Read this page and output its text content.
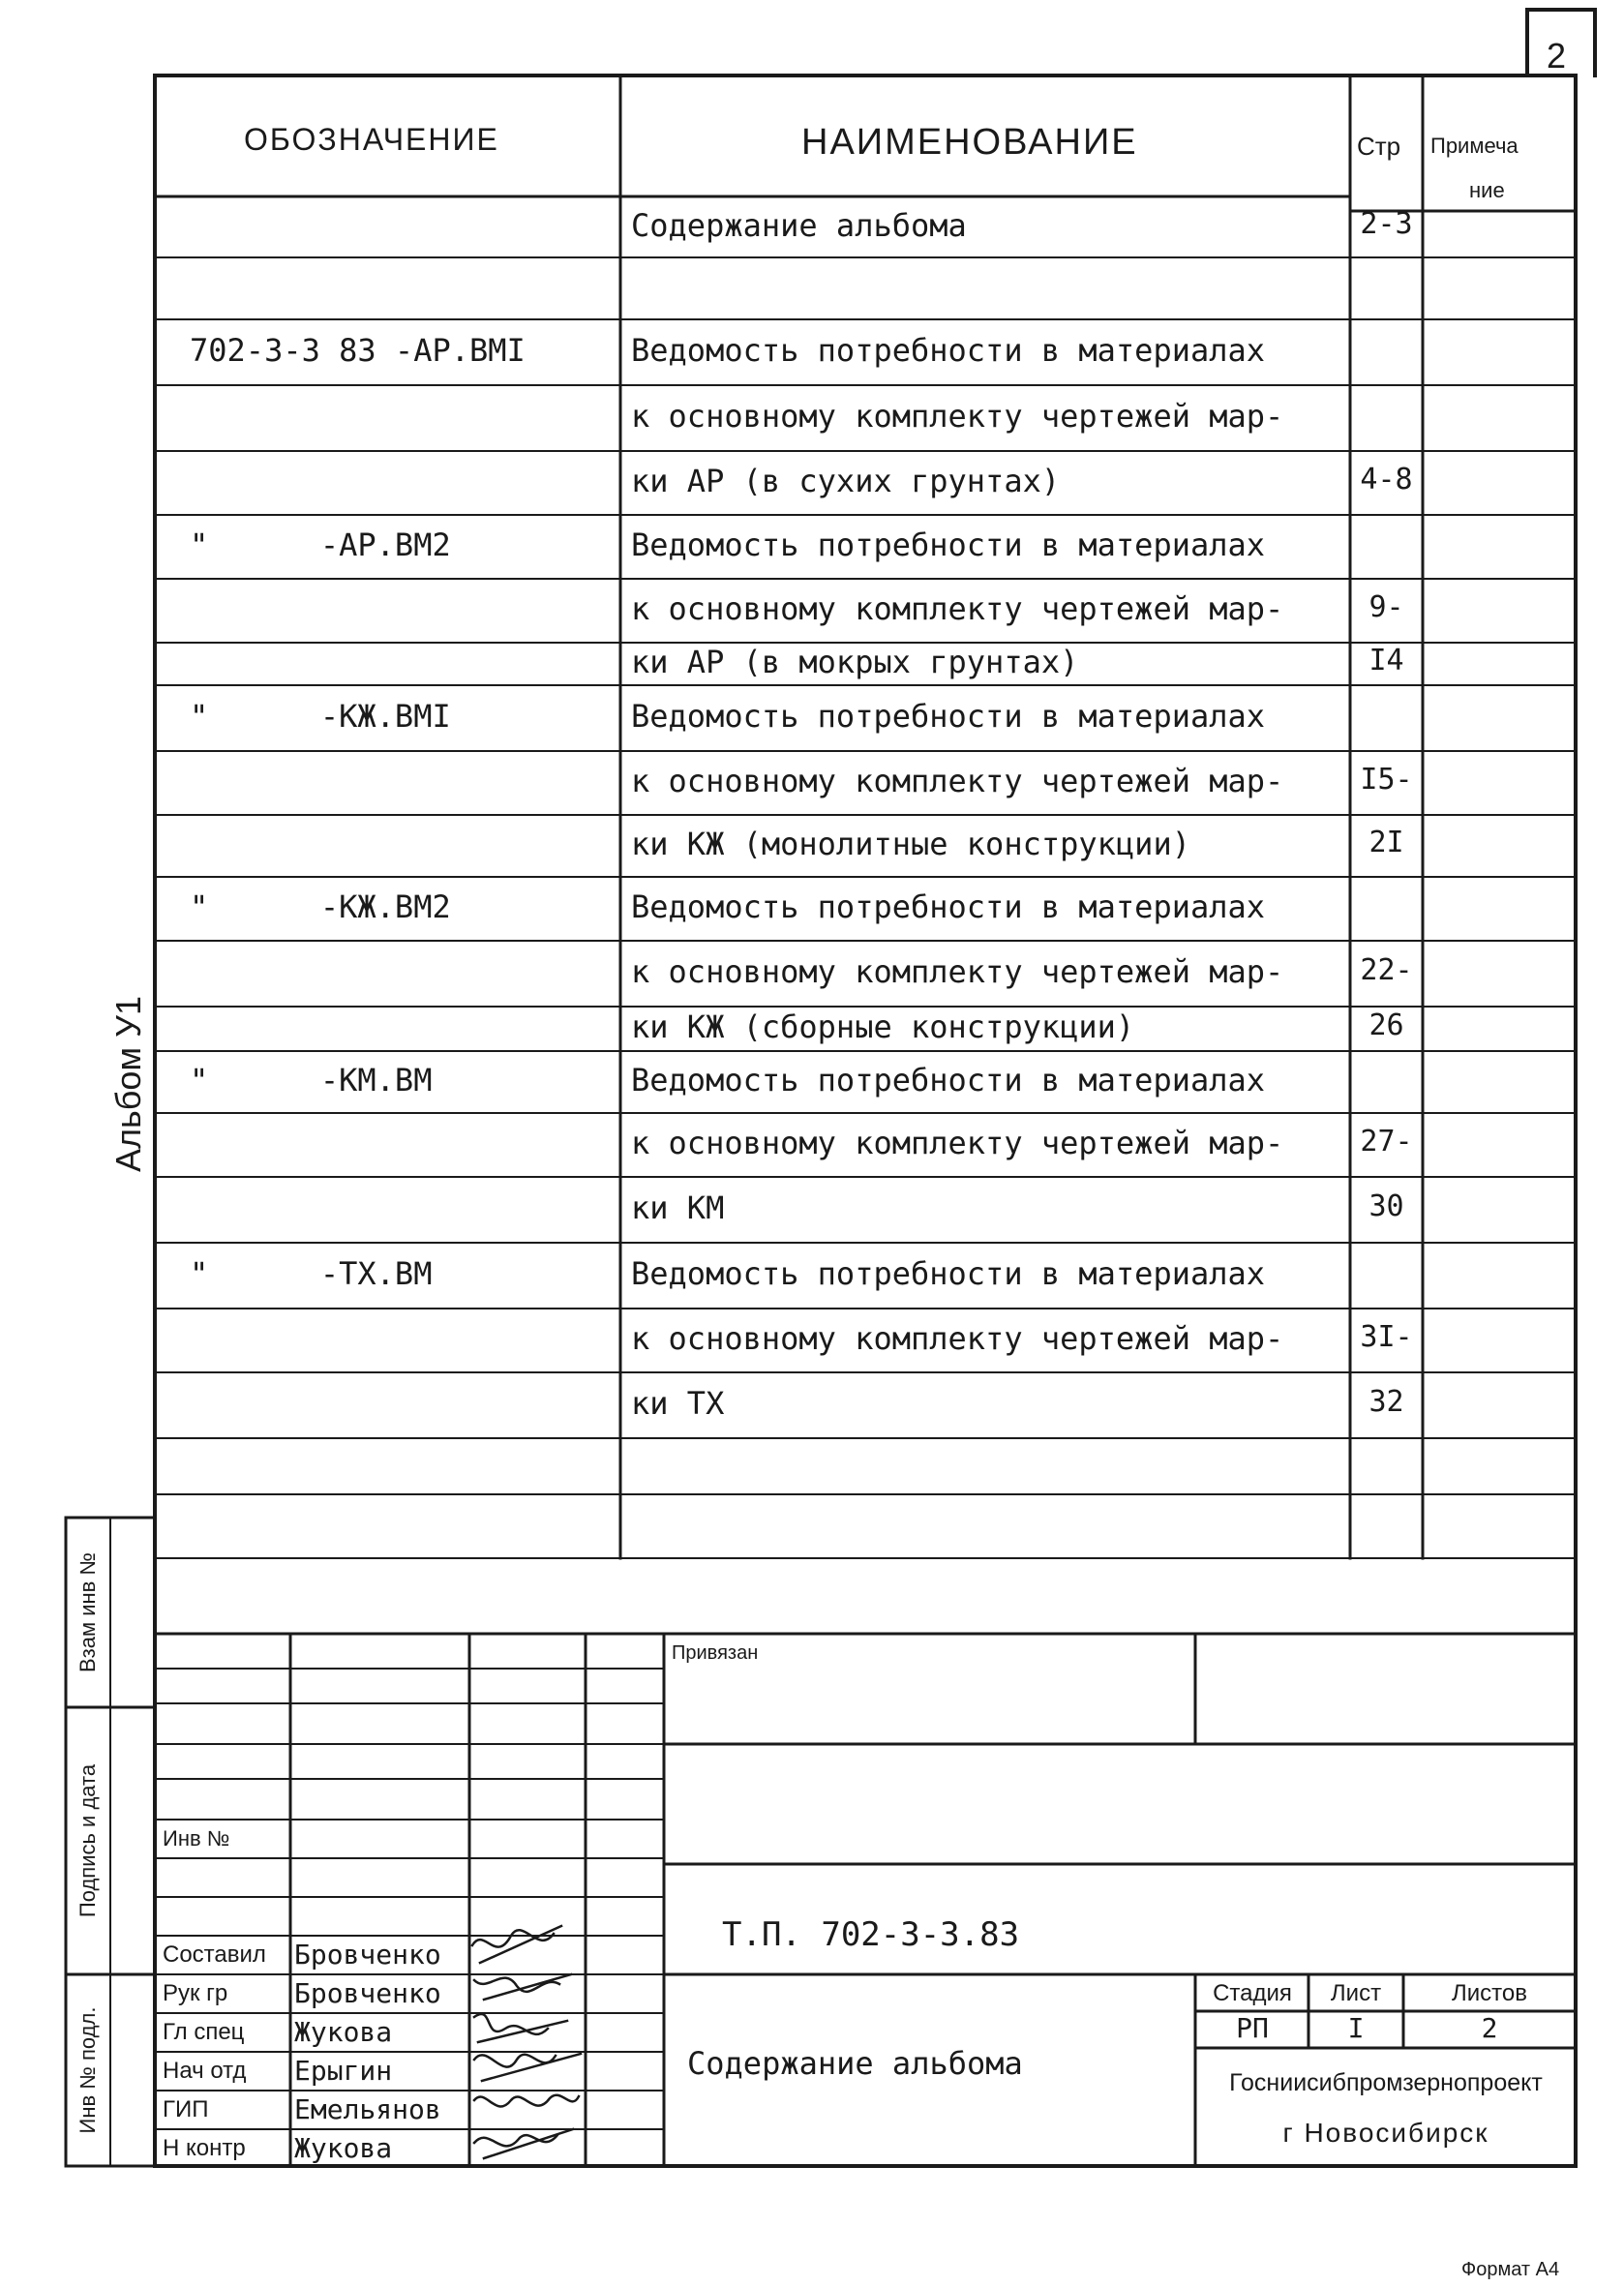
2
Формат А4
Альбом У1
ОБОЗНАЧЕНИЕ	НАИМЕНОВАНИЕ	Стр Примеча
ние
Содержание альбома	2-3
702-3-3 83 -АР.ВМI	Ведомость потребности в материалах
к основному комплекту чертежей мар-
ки АР (в сухих грунтах)	4-8
"      -АР.ВМ2	Ведомость потребности в материалах
к основному комплекту чертежей мар-	9-
ки АР (в мокрых грунтах)	I4
"      -КЖ.ВМI	Ведомость потребности в материалах
к основному комплекту чертежей мар-	I5-
ки КЖ (монолитные конструкции)	2I
"      -КЖ.ВМ2	Ведомость потребности в материалах
к основному комплекту чертежей мар-	22-
ки КЖ (сборные конструкции)	26
"      -КМ.ВМ	Ведомость потребности в материалах
к основному комплекту чертежей мар-	27-
ки КМ	30
"      -ТХ.ВМ	Ведомость потребности в материалах
к основному комплекту чертежей мар-	3I-
ки ТХ	32
Взам инв №
Подпись и дата
Инв № подл.
Привязан
Инв №
Т.П. 702-3-3.83
Содержание альбома
Стадия	Лист	Листов
РП	I	2
Госниисибпромзернопроект
г Новосибирск
Составил Бровченко
Рук гр Бровченко
Гл спец Жукова
Нач отд Ерыгин
ГИП	Емельянов
Н контр Жукова
